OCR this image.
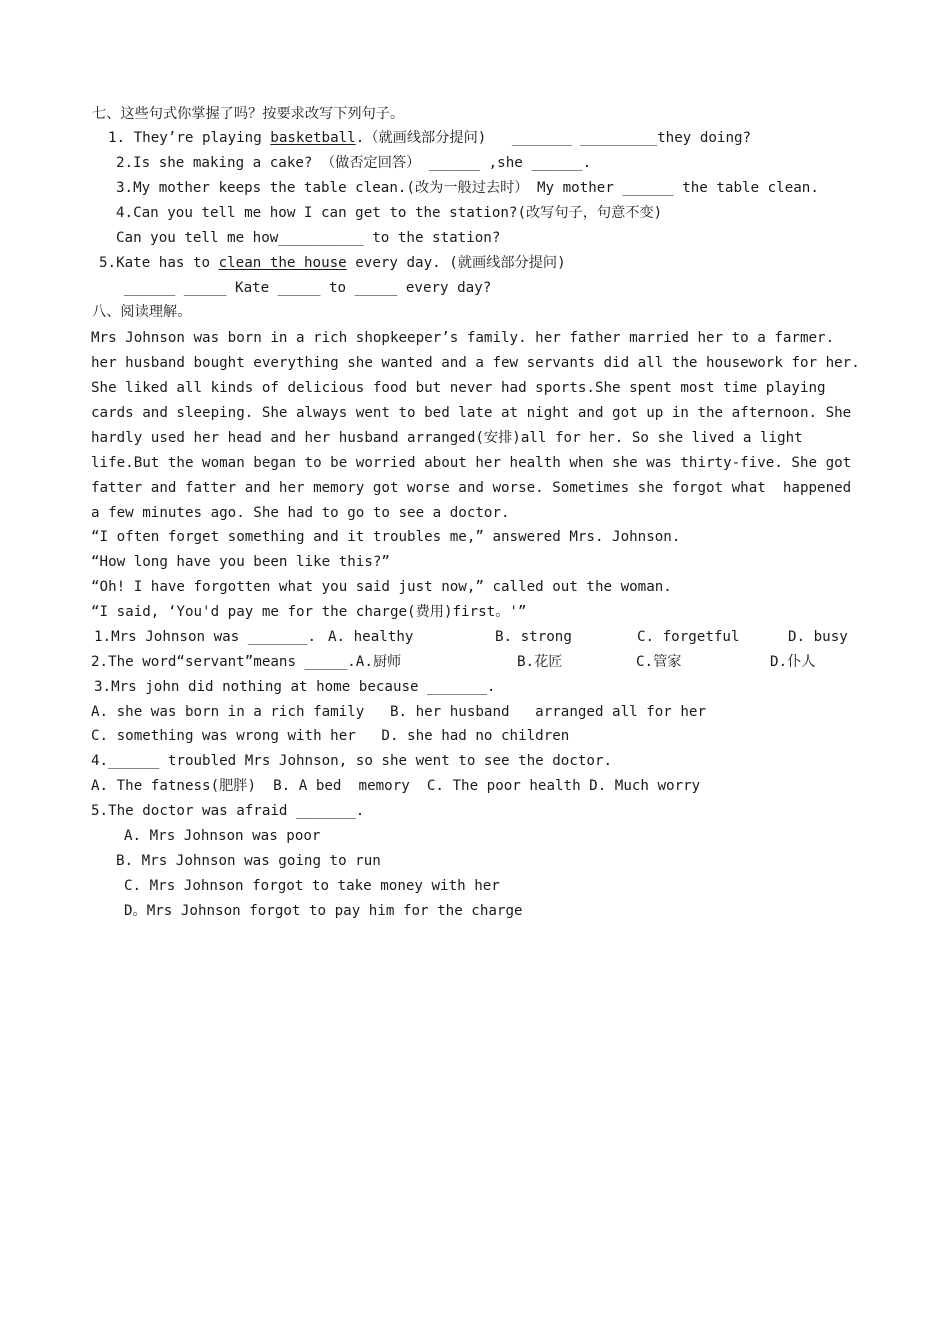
七、这些句式你掌握了吗？按要求改写下列句子。
1. They’re playing basketball.（就画线部分提问)   _______ _________they doing?
2.Is she making a cake? （做否定回答） ______ ,she ______.
3.My mother keeps the table clean.(改为一般过去时） My mother ______ the table clean.
4.Can you tell me how I can get to the station?(改写句子，句意不变)
Can you tell me how__________ to the station?
5.Kate has to clean the house every day. (就画线部分提问)
______ _____ Kate _____ to _____ every day?
八、阅读理解。
Mrs Johnson was born in a rich shopkeeper’s family. her father married her to a farmer.
her husband bought everything she wanted and a few servants did all the housework for her.
She liked all kinds of delicious food but never had sports.She spent most time playing
cards and sleeping. She always went to bed late at night and got up in the afternoon. She
hardly used her head and her husband arranged(安排)all for her. So she lived a light
life.But the woman began to be worried about her health when she was thirty-five. She got
fatter and fatter and her memory got worse and worse. Sometimes she forgot what  happened
a few minutes ago. She had to go to see a doctor.
“I often forget something and it troubles me,” answered Mrs. Johnson.
“How long have you been like this?”
“Oh! I have forgotten what you said just now,” called out the woman.
“I said, ‘You'd pay me for the charge(费用)first。'”
1.Mrs Johnson was _______. A. healthy	B. strong	C. forgetful	D. busy
2.The word“servant”means _____.A.厨师	B.花匠	C.管家	D.仆人
3.Mrs john did nothing at home because _______.
A. she was born in a rich family   B. her husband   arranged all for her
C. something was wrong with her   D. she had no children
4.______ troubled Mrs Johnson, so she went to see the doctor.
A. The fatness(肥胖)  B. A bed  memory  C. The poor health D. Much worry
5.The doctor was afraid _______.
A. Mrs Johnson was poor
B. Mrs Johnson was going to run
C. Mrs Johnson forgot to take money with her
D。Mrs Johnson forgot to pay him for the charge
